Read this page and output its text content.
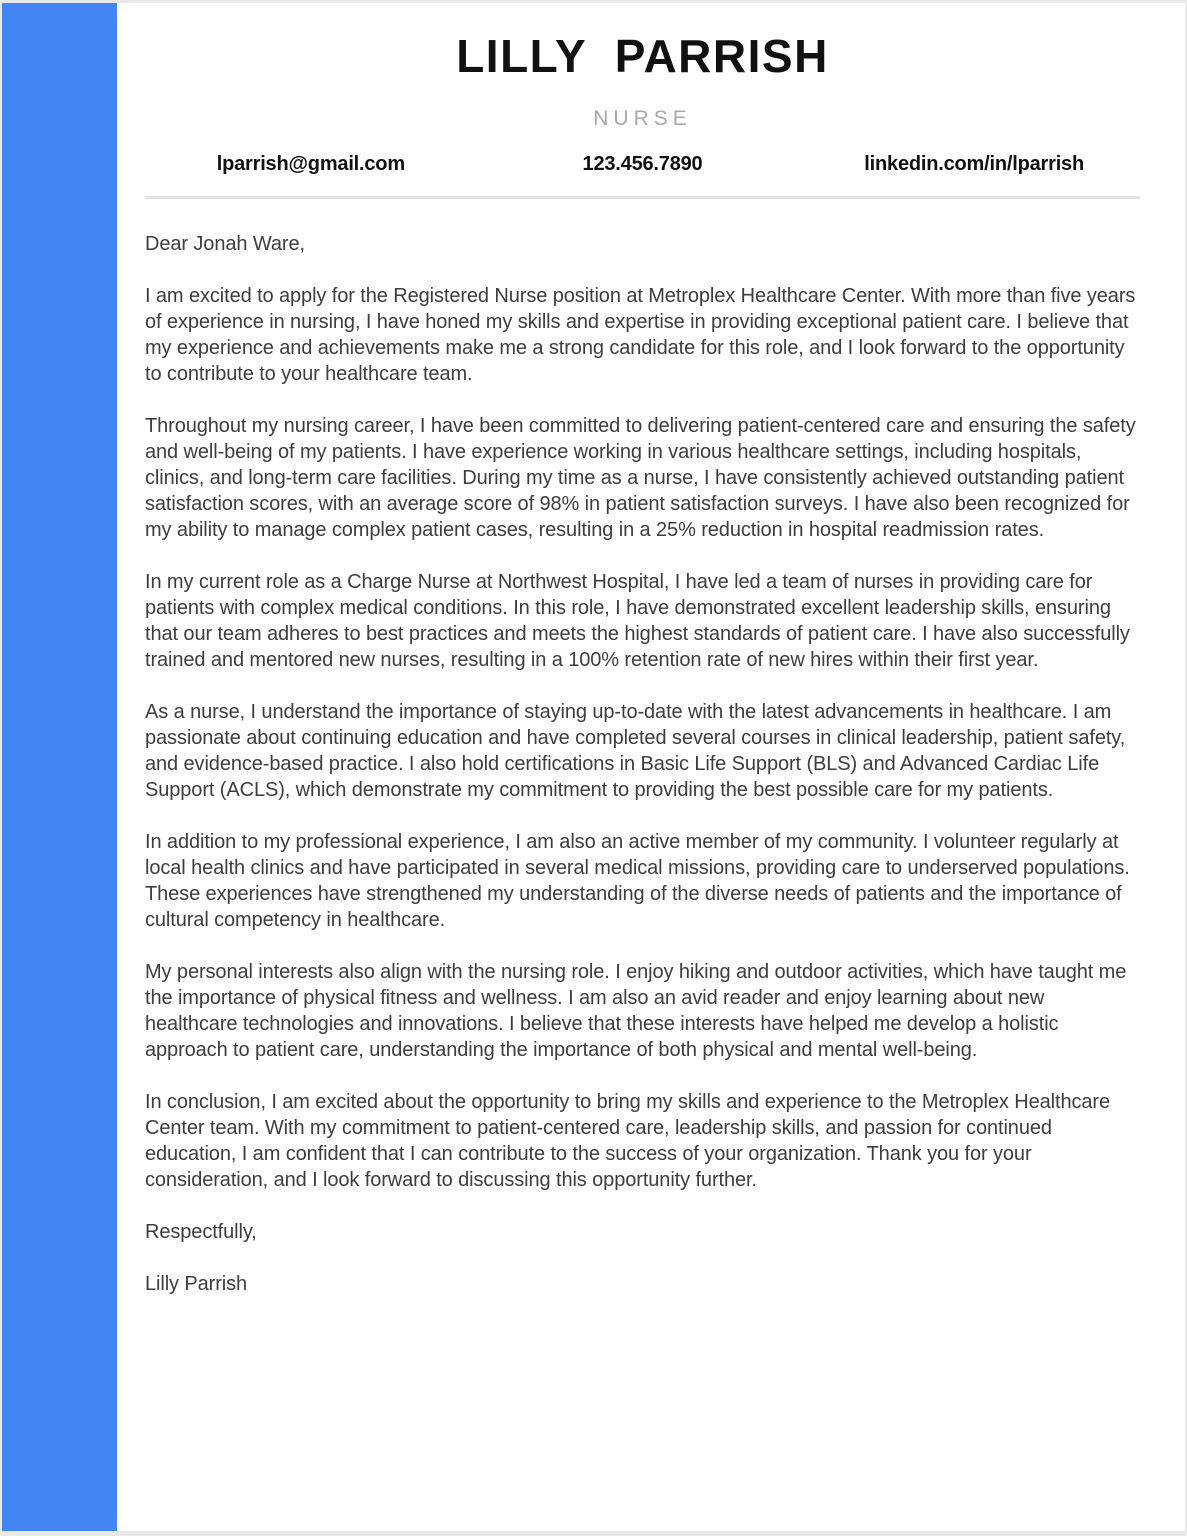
LILLY PARRISH
NURSE
lparrish@gmail.com	123.456.7890	linkedin.com/in/lparrish

Dear Jonah Ware,

I am excited to apply for the Registered Nurse position at Metroplex Healthcare Center. With more than five years of experience in nursing, I have honed my skills and expertise in providing exceptional patient care. I believe that my experience and achievements make me a strong candidate for this role, and I look forward to the opportunity to contribute to your healthcare team.

Throughout my nursing career, I have been committed to delivering patient-centered care and ensuring the safety and well-being of my patients. I have experience working in various healthcare settings, including hospitals, clinics, and long-term care facilities. During my time as a nurse, I have consistently achieved outstanding patient satisfaction scores, with an average score of 98% in patient satisfaction surveys. I have also been recognized for my ability to manage complex patient cases, resulting in a 25% reduction in hospital readmission rates.

In my current role as a Charge Nurse at Northwest Hospital, I have led a team of nurses in providing care for patients with complex medical conditions. In this role, I have demonstrated excellent leadership skills, ensuring that our team adheres to best practices and meets the highest standards of patient care. I have also successfully trained and mentored new nurses, resulting in a 100% retention rate of new hires within their first year.

As a nurse, I understand the importance of staying up-to-date with the latest advancements in healthcare. I am passionate about continuing education and have completed several courses in clinical leadership, patient safety, and evidence-based practice. I also hold certifications in Basic Life Support (BLS) and Advanced Cardiac Life Support (ACLS), which demonstrate my commitment to providing the best possible care for my patients.

In addition to my professional experience, I am also an active member of my community. I volunteer regularly at local health clinics and have participated in several medical missions, providing care to underserved populations. These experiences have strengthened my understanding of the diverse needs of patients and the importance of cultural competency in healthcare.

My personal interests also align with the nursing role. I enjoy hiking and outdoor activities, which have taught me the importance of physical fitness and wellness. I am also an avid reader and enjoy learning about new healthcare technologies and innovations. I believe that these interests have helped me develop a holistic approach to patient care, understanding the importance of both physical and mental well-being.

In conclusion, I am excited about the opportunity to bring my skills and experience to the Metroplex Healthcare Center team. With my commitment to patient-centered care, leadership skills, and passion for continued education, I am confident that I can contribute to the success of your organization. Thank you for your consideration, and I look forward to discussing this opportunity further.

Respectfully,

Lilly Parrish
